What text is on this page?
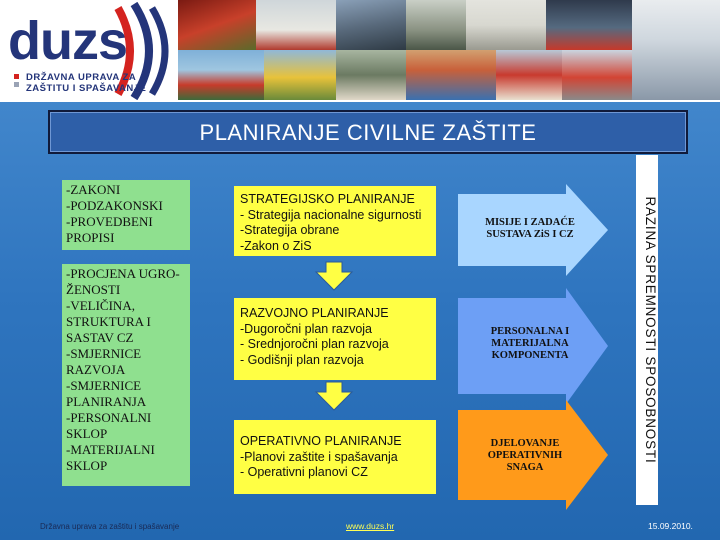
duzs
DRŽAVNA UPRAVA ZA
ZAŠTITU I SPAŠAVANJE
PLANIRANJE CIVILNE ZAŠTITE
-ZAKONI
-PODZAKONSKI
-PROVEDBENI
PROPISI
-PROCJENA UGRO-
ŽENOSTI
-VELIČINA,
STRUKTURA I
SASTAV CZ
-SMJERNICE
RAZVOJA
-SMJERNICE
PLANIRANJA
-PERSONALNI
SKLOP
-MATERIJALNI
SKLOP
STRATEGIJSKO PLANIRANJE
- Strategija nacionalne sigurnosti
-Strategija obrane
-Zakon o ZiS
RAZVOJNO PLANIRANJE
-Dugoročni plan razvoja
- Srednjoročni plan razvoja
- Godišnji plan razvoja
OPERATIVNO PLANIRANJE
-Planovi zaštite i spašavanja
- Operativni planovi CZ
MISIJE I ZADAĆE
SUSTAVA ZiS I CZ
PERSONALNA I
MATERIJALNA
KOMPONENTA
DJELOVANJE
OPERATIVNIH
SNAGA
RAZINA SPREMNOSTI SPOSOBNOSTI
Državna uprava za zaštitu i spašavanje	www.duzs.hr	15.09.2010.
